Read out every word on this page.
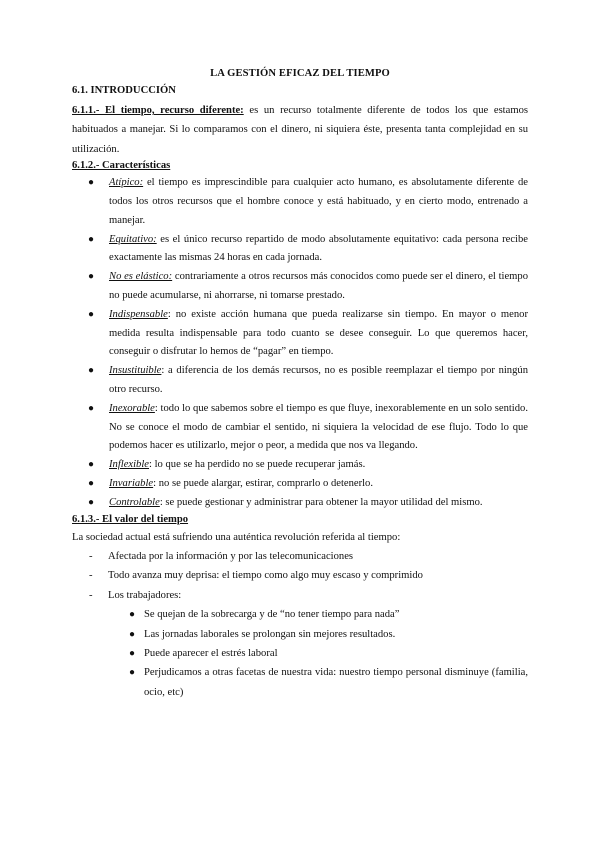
LA GESTIÓN EFICAZ DEL TIEMPO

6.1. INTRODUCCIÓN

6.1.1.- El tiempo, recurso diferente: es un recurso totalmente diferente de todos los que estamos habituados a manejar. Si lo comparamos con el dinero, ni siquiera éste, presenta tanta complejidad en su utilización.

6.1.2.- Características

● Atípico: el tiempo es imprescindible para cualquier acto humano, es absolutamente diferente de todos los otros recursos que el hombre conoce y está habituado, y en cierto modo, entrenado a manejar.
● Equitativo: es el único recurso repartido de modo absolutamente equitativo: cada persona recibe exactamente las mismas 24 horas en cada jornada.
● No es elástico: contrariamente a otros recursos más conocidos como puede ser el dinero, el tiempo no puede acumularse, ni ahorrarse, ni tomarse prestado.
● Indispensable: no existe acción humana que pueda realizarse sin tiempo. En mayor o menor medida resulta indispensable para todo cuanto se desee conseguir. Lo que queremos hacer, conseguir o disfrutar lo hemos de “pagar” en tiempo.
● Insustituible: a diferencia de los demás recursos, no es posible reemplazar el tiempo por ningún otro recurso.
● Inexorable: todo lo que sabemos sobre el tiempo es que fluye, inexorablemente en un solo sentido. No se conoce el modo de cambiar el sentido, ni siquiera la velocidad de ese flujo. Todo lo que podemos hacer es utilizarlo, mejor o peor, a medida que nos va llegando.
● Inflexible: lo que se ha perdido no se puede recuperar jamás.
● Invariable: no se puede alargar, estirar, comprarlo o detenerlo.
● Controlable: se puede gestionar y administrar para obtener la mayor utilidad del mismo.

6.1.3.- El valor del tiempo

La sociedad actual está sufriendo una auténtica revolución referida al tiempo:

- Afectada por la información y por las telecomunicaciones
- Todo avanza muy deprisa: el tiempo como algo muy escaso y comprimido
- Los trabajadores:
● Se quejan de la sobrecarga y de “no tener tiempo para nada”
● Las jornadas laborales se prolongan sin mejores resultados.
● Puede aparecer el estrés laboral
● Perjudicamos a otras facetas de nuestra vida: nuestro tiempo personal disminuye (familia, ocio, etc)
